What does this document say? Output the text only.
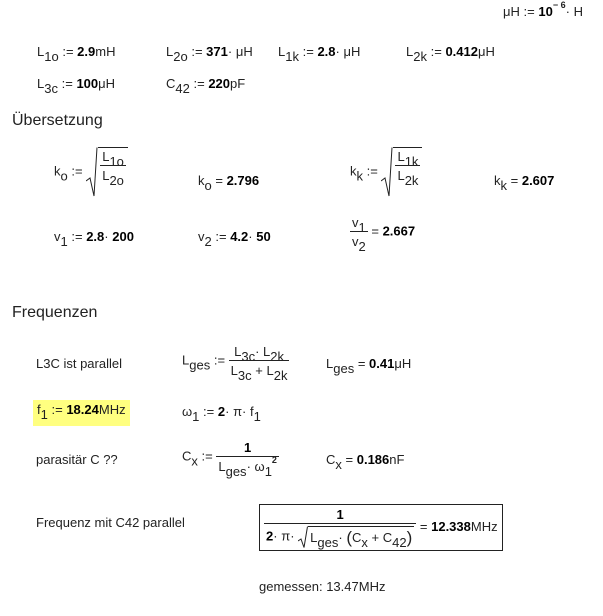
μH := $10^{- 6}\cdot H$
$L_{1o}$ := 2.9mH	$L_{2o}$ := 371· μH $L_{1k}$ := 2.8· μH	$L_{2k}$ := 0.412μH
$L_{3c}$ := 100μH	$C_{42}$ := 220pF
Übersetzung
$k_o$ := $\frac{L_{1o}}{L_{2o}}$	$k_o = 2.796$
$k_k$ := $\frac{L_{1k}}{L_{2k}}$	$k_k = 2.607$
$v_1$ := 2.8· 200	$v_2$ := 4.2· 50	$\frac{v_1}{v_2} = 2.667$
Frequenzen
L3C ist parallel	$L_{ges}$ := $\frac{L_{3c}\cdot L_{2k}}{L_{3c} + L_{2k}}$	$L_{ges} = 0.41\mu H$
$f_1$ := 18.24MHz	$\omega_1$ := $2\cdot \pi\cdot f_1$
parasitär C ??	$C_x$ := $\frac{1}{L_{ges}\cdot \omega_1^2}$	$C_x = 0.186nF$
Frequenz mit C42 parallel	$\frac{1}{2\cdot \pi\cdot L_{ges}\cdot (C_x + C_{42})} = 12.338MHz$
gemessen: 13.47MHz
